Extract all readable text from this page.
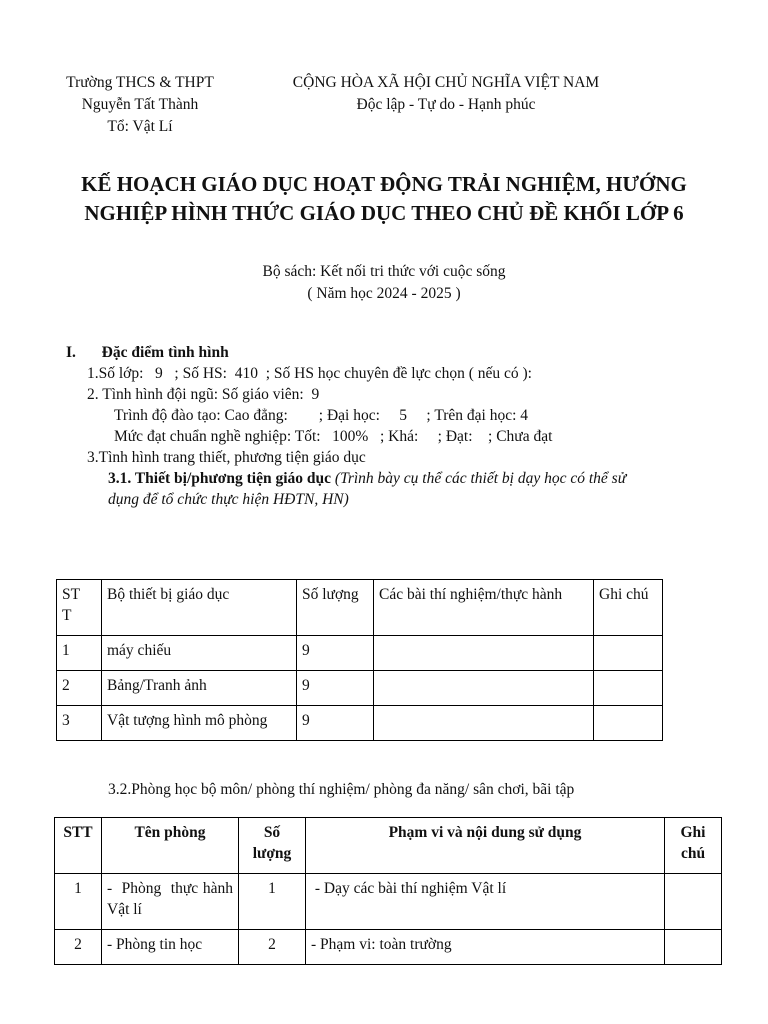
Trường THCS & THPT
Nguyễn Tất Thành
Tổ: Vật Lí
CỘNG HÒA XÃ HỘI CHỦ NGHĨA VIỆT NAM
Độc lập - Tự do - Hạnh phúc
KẾ HOẠCH GIÁO DỤC HOẠT ĐỘNG TRẢI NGHIỆM, HƯỚNG
NGHIỆP HÌNH THỨC GIÁO DỤC THEO CHỦ ĐỀ KHỐI LỚP 6
Bộ sách: Kết nối tri thức với cuộc sống
( Năm học 2024 - 2025 )
I. Đặc điểm tình hình
1.Số lớp:   9   ; Số HS:  410  ; Số HS học chuyên đề lực chọn ( nếu có ):
2. Tình hình đội ngũ: Số giáo viên:  9
Trình độ đào tạo: Cao đẳng:        ; Đại học:     5     ; Trên đại học: 4
Mức đạt chuẩn nghề nghiệp: Tốt:   100%   ; Khá:     ; Đạt:    ; Chưa đạt
3.Tình hình trang thiết, phương tiện giáo dục
3.1. Thiết bị/phương tiện giáo dục (Trình bày cụ thể các thiết bị dạy học có thể sử
dụng để tổ chức thực hiện HĐTN, HN)
ST
T	Bộ thiết bị giáo dục	Số lượng	Các bài thí nghiệm/thực hành	Ghi chú
1	máy chiếu	9		
2	Bảng/Tranh ảnh	9		
3	Vật tượng hình mô phòng	9		
3.2.Phòng học bộ môn/ phòng thí nghiệm/ phòng đa năng/ sân chơi, bãi tập
STT	Tên phòng	Số lượng	Phạm vi và nội dung sử dụng	Ghi chú
1	-  Phòng  thực hành Vật lí	1	- Dạy các bài thí nghiệm Vật lí	
2	- Phòng tin học	2	- Phạm vi: toàn trường	
